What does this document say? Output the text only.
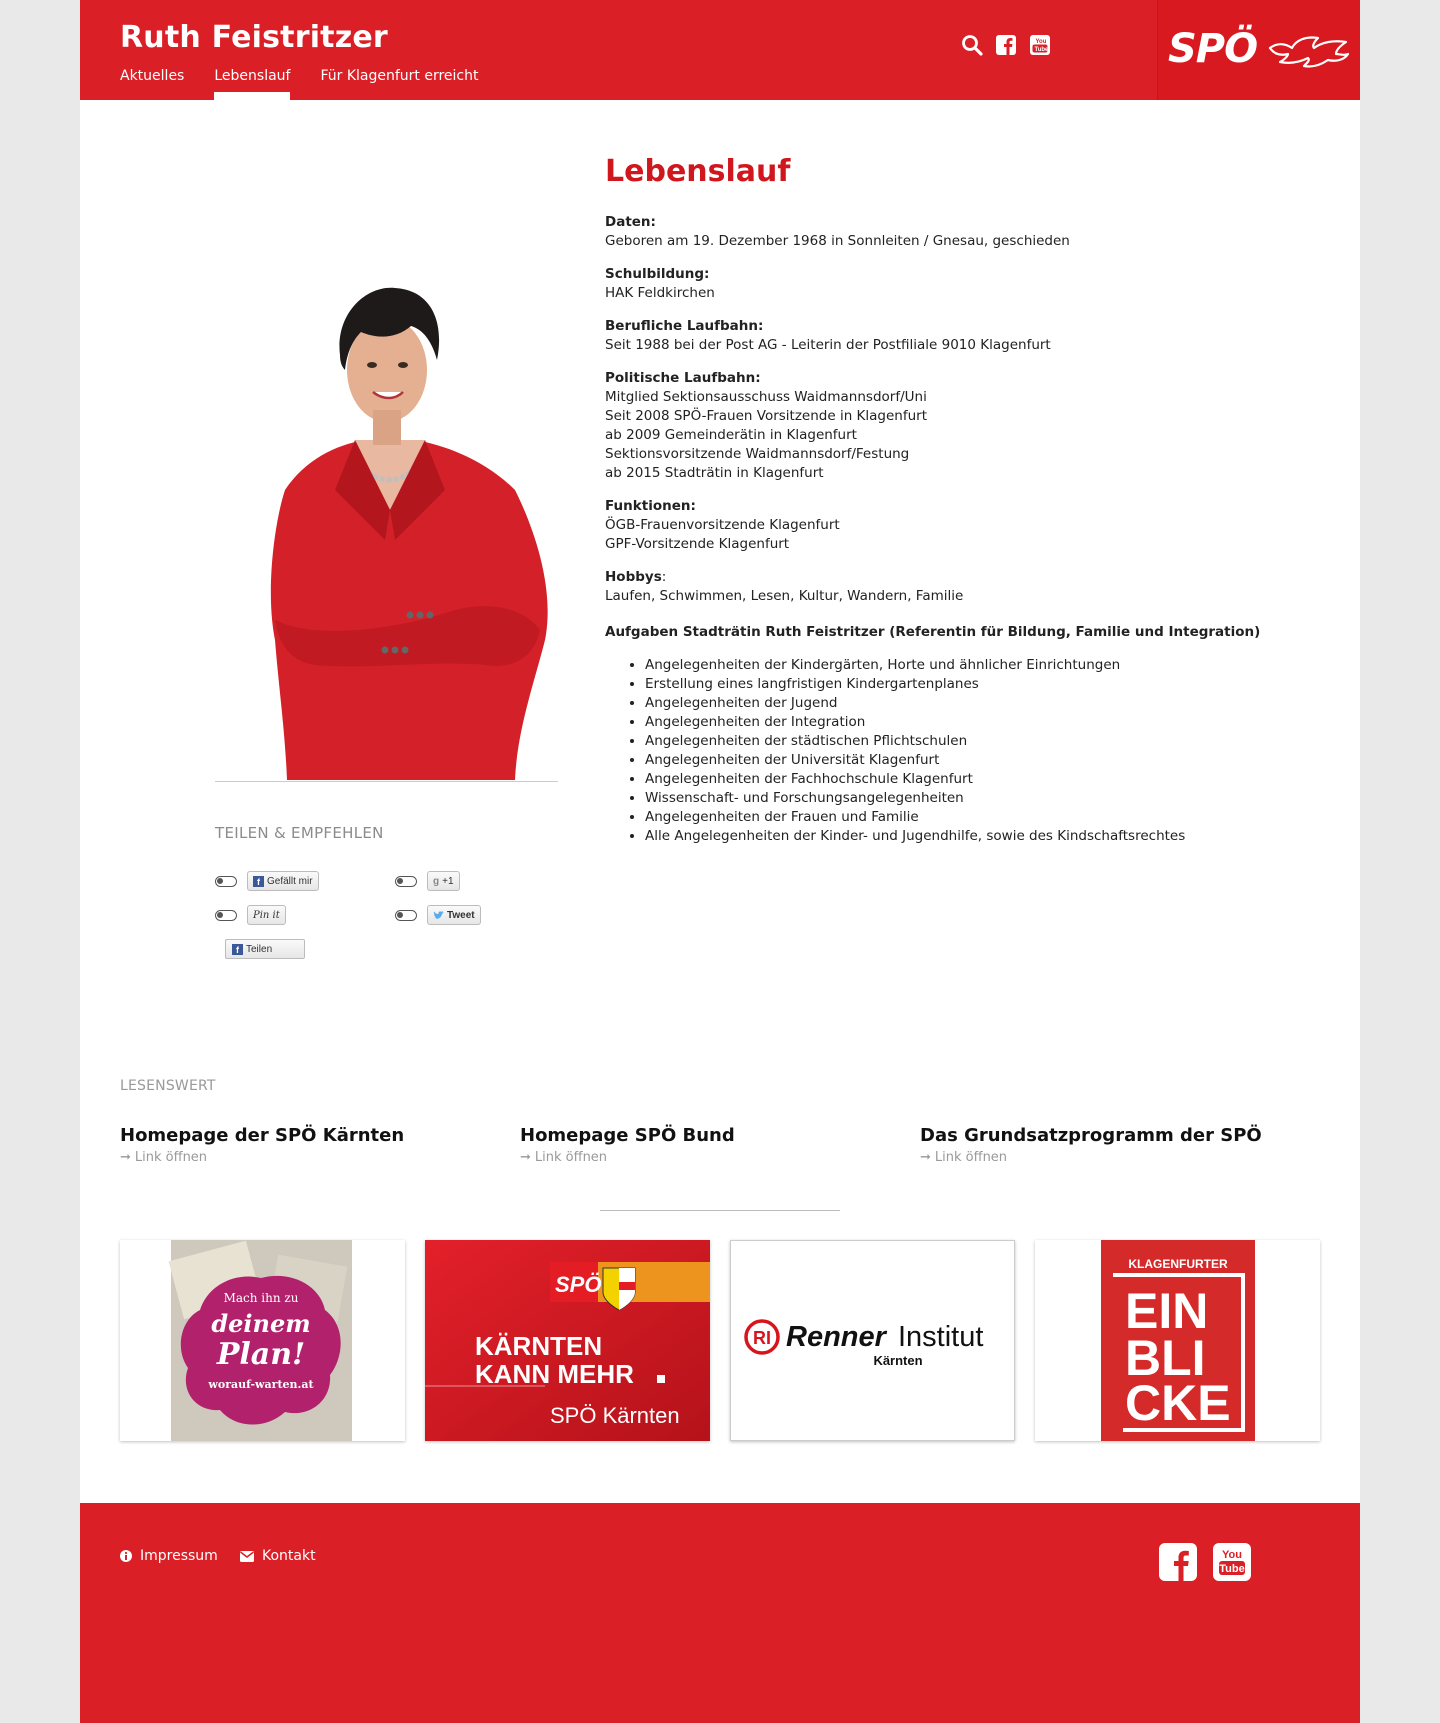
Ruth Feistritzer
Aktuelles Lebenslauf Für Klagenfurt erreicht
You
Tube	SPÖ
TEILEN & EMPFEHLEN
f Gefällt mir	g +1
Pin it	Tweet
f Teilen
Lebenslauf
Daten:
Geboren am 19. Dezember 1968 in Sonnleiten / Gnesau, geschieden
Schulbildung:
HAK Feldkirchen
Berufliche Laufbahn:
Seit 1988 bei der Post AG - Leiterin der Postfiliale 9010 Klagenfurt
Politische Laufbahn:
Mitglied Sektionsausschuss Waidmannsdorf/Uni
Seit 2008 SPÖ-Frauen Vorsitzende in Klagenfurt
ab 2009 Gemeinderätin in Klagenfurt
Sektionsvorsitzende Waidmannsdorf/Festung
ab 2015 Stadträtin in Klagenfurt
Funktionen:
ÖGB-Frauenvorsitzende Klagenfurt
GPF-Vorsitzende Klagenfurt
Hobbys:
Laufen, Schwimmen, Lesen, Kultur, Wandern, Familie
Aufgaben Stadträtin Ruth Feistritzer (Referentin für Bildung, Familie und Integration)
• Angelegenheiten der Kindergärten, Horte und ähnlicher Einrichtungen
• Erstellung eines langfristigen Kindergartenplanes
• Angelegenheiten der Jugend
• Angelegenheiten der Integration
• Angelegenheiten der städtischen Pflichtschulen
• Angelegenheiten der Universität Klagenfurt
• Angelegenheiten der Fachhochschule Klagenfurt
• Wissenschaft- und Forschungsangelegenheiten
• Angelegenheiten der Frauen und Familie
• Alle Angelegenheiten der Kinder- und Jugendhilfe, sowie des Kindschaftsrechtes
LESENSWERT
Homepage der SPÖ Kärnten
➞ Link öffnen
Homepage SPÖ Bund
➞ Link öffnen
Das Grundsatzprogramm der SPÖ
➞ Link öffnen
Mach ihn zu
deinem
Plan!
worauf-warten.at
SPÖ
KÄRNTEN
KANN MEHR
SPÖ Kärnten
RI Renner Institut
Kärnten
KLAGENFURTER
EIN
BLI
CKE
Impressum	Kontakt	You
Tube
